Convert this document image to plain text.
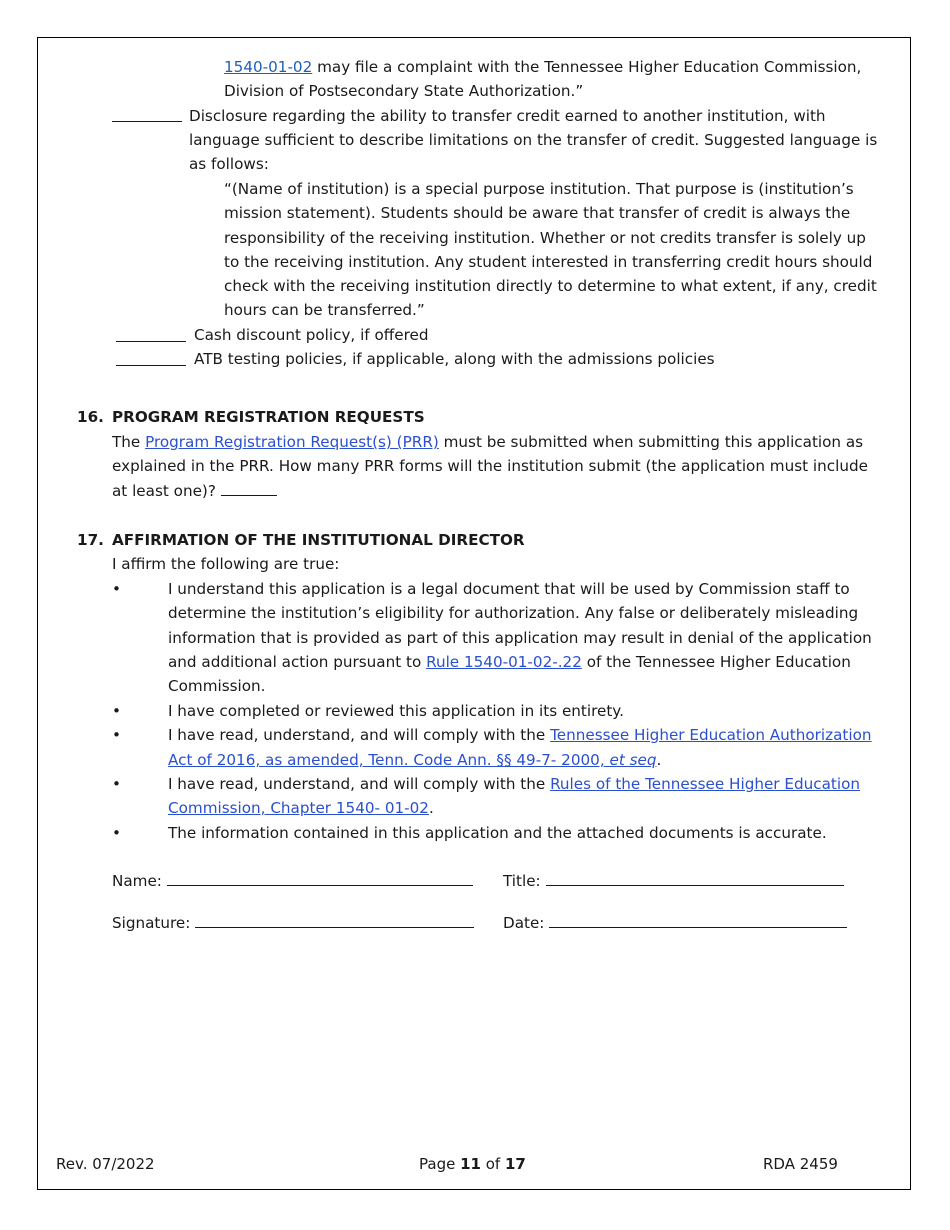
1540-01-02 may file a complaint with the Tennessee Higher Education Commission,
Division of Postsecondary State Authorization.”
Disclosure regarding the ability to transfer credit earned to another institution, with
language sufficient to describe limitations on the transfer of credit. Suggested language is
as follows:
“(Name of institution) is a special purpose institution. That purpose is (institution’s
mission statement). Students should be aware that transfer of credit is always the
responsibility of the receiving institution. Whether or not credits transfer is solely up
to the receiving institution. Any student interested in transferring credit hours should
check with the receiving institution directly to determine to what extent, if any, credit
hours can be transferred.”
Cash discount policy, if offered
ATB testing policies, if applicable, along with the admissions policies
16. PROGRAM REGISTRATION REQUESTS
The Program Registration Request(s) (PRR) must be submitted when submitting this application as
explained in the PRR. How many PRR forms will the institution submit (the application must include
at least one)?
17. AFFIRMATION OF THE INSTITUTIONAL DIRECTOR
I affirm the following are true:
•	I understand this application is a legal document that will be used by Commission staff to
determine the institution’s eligibility for authorization. Any false or deliberately misleading
information that is provided as part of this application may result in denial of the application
and additional action pursuant to Rule 1540-01-02-.22 of the Tennessee Higher Education
Commission.
•	I have completed or reviewed this application in its entirety.
•	I have read, understand, and will comply with the Tennessee Higher Education Authorization
Act of 2016, as amended, Tenn. Code Ann. §§ 49-7- 2000, et seq.
•	I have read, understand, and will comply with the Rules of the Tennessee Higher Education
Commission, Chapter 1540- 01-02.
•	The information contained in this application and the attached documents is accurate.
Name:	Title:
Signature:	Date:
Rev. 07/2022	Page 11 of 17	RDA 2459
